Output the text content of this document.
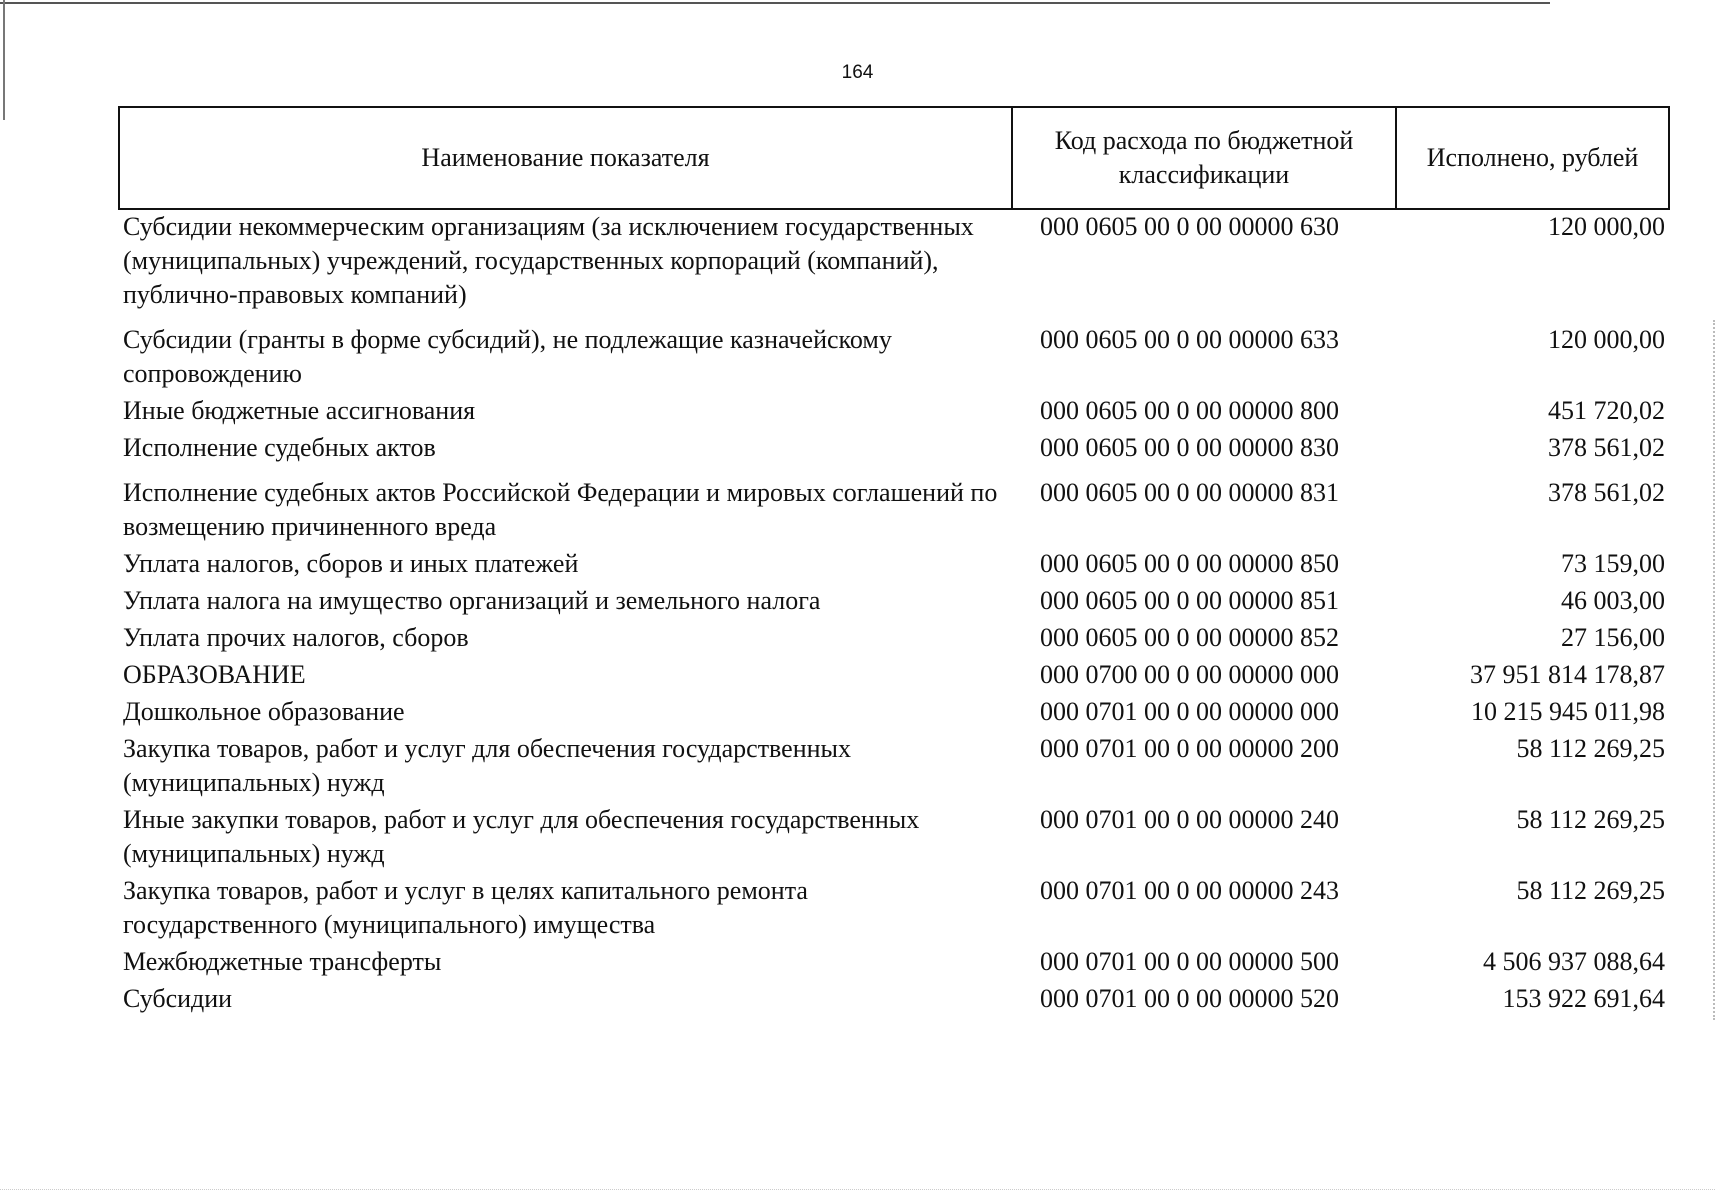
164
Наименование показателя	Код расхода по бюджетной классификации	Исполнено, рублей
Субсидии некоммерческим организациям (за исключением государственных (муниципальных) учреждений, государственных корпораций (компаний), публично-правовых компаний)	000 0605 00 0 00 00000 630	120 000,00
Субсидии (гранты в форме субсидий), не подлежащие казначейскому сопровождению	000 0605 00 0 00 00000 633	120 000,00
Иные бюджетные ассигнования	000 0605 00 0 00 00000 800	451 720,02
Исполнение судебных актов	000 0605 00 0 00 00000 830	378 561,02
Исполнение судебных актов Российской Федерации и мировых соглашений по возмещению причиненного вреда	000 0605 00 0 00 00000 831	378 561,02
Уплата налогов, сборов и иных платежей	000 0605 00 0 00 00000 850	73 159,00
Уплата налога на имущество организаций и земельного налога	000 0605 00 0 00 00000 851	46 003,00
Уплата прочих налогов, сборов	000 0605 00 0 00 00000 852	27 156,00
ОБРАЗОВАНИЕ	000 0700 00 0 00 00000 000	37 951 814 178,87
Дошкольное образование	000 0701 00 0 00 00000 000	10 215 945 011,98
Закупка товаров, работ и услуг для обеспечения государственных (муниципальных) нужд	000 0701 00 0 00 00000 200	58 112 269,25
Иные закупки товаров, работ и услуг для обеспечения государственных (муниципальных) нужд	000 0701 00 0 00 00000 240	58 112 269,25
Закупка товаров, работ и услуг в целях капитального ремонта государственного (муниципального) имущества	000 0701 00 0 00 00000 243	58 112 269,25
Межбюджетные трансферты	000 0701 00 0 00 00000 500	4 506 937 088,64
Субсидии	000 0701 00 0 00 00000 520	153 922 691,64
